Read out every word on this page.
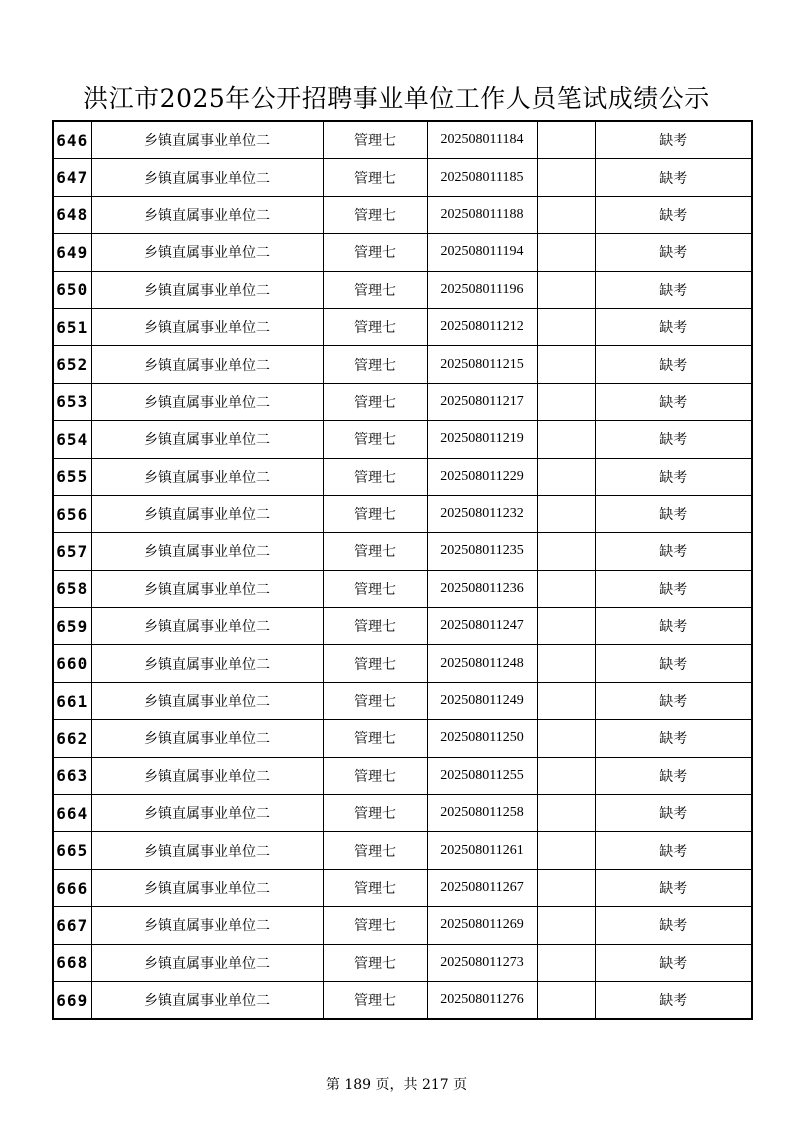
洪江市2025年公开招聘事业单位工作人员笔试成绩公示
646	乡镇直属事业单位二	管理七	202508011184		缺考
647	乡镇直属事业单位二	管理七	202508011185		缺考
648	乡镇直属事业单位二	管理七	202508011188		缺考
649	乡镇直属事业单位二	管理七	202508011194		缺考
650	乡镇直属事业单位二	管理七	202508011196		缺考
651	乡镇直属事业单位二	管理七	202508011212		缺考
652	乡镇直属事业单位二	管理七	202508011215		缺考
653	乡镇直属事业单位二	管理七	202508011217		缺考
654	乡镇直属事业单位二	管理七	202508011219		缺考
655	乡镇直属事业单位二	管理七	202508011229		缺考
656	乡镇直属事业单位二	管理七	202508011232		缺考
657	乡镇直属事业单位二	管理七	202508011235		缺考
658	乡镇直属事业单位二	管理七	202508011236		缺考
659	乡镇直属事业单位二	管理七	202508011247		缺考
660	乡镇直属事业单位二	管理七	202508011248		缺考
661	乡镇直属事业单位二	管理七	202508011249		缺考
662	乡镇直属事业单位二	管理七	202508011250		缺考
663	乡镇直属事业单位二	管理七	202508011255		缺考
664	乡镇直属事业单位二	管理七	202508011258		缺考
665	乡镇直属事业单位二	管理七	202508011261		缺考
666	乡镇直属事业单位二	管理七	202508011267		缺考
667	乡镇直属事业单位二	管理七	202508011269		缺考
668	乡镇直属事业单位二	管理七	202508011273		缺考
669	乡镇直属事业单位二	管理七	202508011276		缺考
第 189 页，共 217 页
